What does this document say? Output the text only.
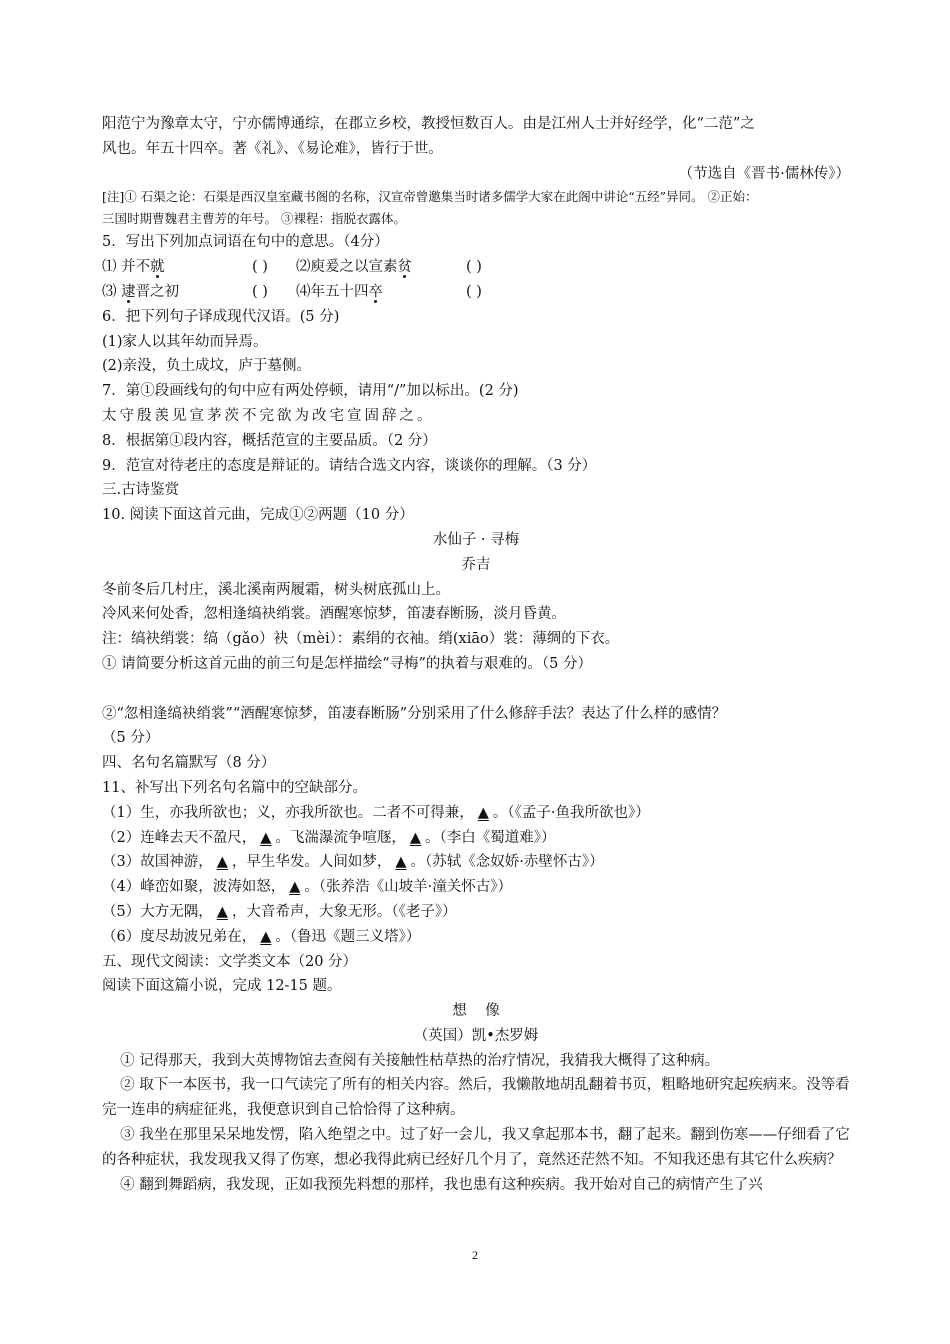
阳范宁为豫章太守，宁亦儒博通综，在郡立乡校，教授恒数百人。由是江州人士并好经学，化“二范”之
风也。年五十四卒。著《礼》、《易论难》，皆行于世。
（节选自《晋书·儒林传》）
[注]① 石渠之论：石渠是西汉皇室藏书阁的名称，汉宣帝曾邀集当时诸多儒学大家在此阁中讲论“五经”异同。 ②正始：
三国时期曹魏君主曹芳的年号。 ③裸程：指脱衣露体。
5．写出下列加点词语在句中的意思。（4分）
⑴ 并不就	( ) ⑵庾爰之以宣素贫	( )
⑶ 逮晋之初	( ) ⑷年五十四卒	( )
6．把下列句子译成现代汉语。(5 分)
(1)家人以其年幼而异焉。
(2)亲没，负土成坟，庐于墓侧。
7．第①段画线句的句中应有两处停顿，请用“/”加以标出。(2 分)
太守殷羡见宣茅茨不完欲为改宅宣固辞之。
8．根据第①段内容，概括范宣的主要品质。（2 分）
9．范宣对待老庄的态度是辩证的。请结合选文内容，谈谈你的理解。（3 分）
三.古诗鉴赏
10. 阅读下面这首元曲，完成①②两题（10 分）
水仙子 · 寻梅
乔吉
冬前冬后几村庄，溪北溪南两履霜，树头树底孤山上。
冷风来何处香，忽相逢缟袂绡裳。酒醒寒惊梦，笛凄春断肠，淡月昏黄。
注：缟袂绡裳：缟（gǎo）袂（mèi）：素绢的衣袖。绡(xiāo）裳：薄绸的下衣。
① 请简要分析这首元曲的前三句是怎样描绘“寻梅”的执着与艰难的。（5 分）
②“忽相逢缟袂绡裳”“酒醒寒惊梦，笛凄春断肠”分别采用了什么修辞手法？表达了什么样的感情？
（5 分）
四、名句名篇默写（8 分）
11、补写出下列名句名篇中的空缺部分。
（1）生，亦我所欲也；义，亦我所欲也。二者不可得兼， ▲ 。（《孟子·鱼我所欲也》）
（2）连峰去天不盈尺， ▲ 。飞湍瀑流争喧豗， ▲ 。（李白《蜀道难》）
（3）故国神游， ▲ ，早生华发。人间如梦， ▲ 。（苏轼《念奴娇·赤壁怀古》）
（4）峰峦如聚，波涛如怒， ▲ 。（张养浩《山坡羊·潼关怀古》）
（5）大方无隅， ▲ ，大音希声，大象无形。（《老子》）
（6）度尽劫波兄弟在， ▲ 。（鲁迅《题三义塔》）
五、现代文阅读：文学类文本（20 分）
阅读下面这篇小说，完成 12-15 题。
想    像
（英国）凯•杰罗姆
① 记得那天，我到大英博物馆去查阅有关接触性枯草热的治疗情况，我猜我大概得了这种病。
② 取下一本医书，我一口气读完了所有的相关内容。然后，我懒散地胡乱翻着书页，粗略地研究起疾病来。没等看完一连串的病症征兆，我便意识到自己恰恰得了这种病。
③ 我坐在那里呆呆地发愣，陷入绝望之中。过了好一会儿，我又拿起那本书，翻了起来。翻到伤寒——仔细看了它的各种症状，我发现我又得了伤寒，想必我得此病已经好几个月了，竟然还茫然不知。不知我还患有其它什么疾病？
④ 翻到舞蹈病，我发现，正如我预先料想的那样，我也患有这种疾病。我开始对自己的病情产生了兴
2
